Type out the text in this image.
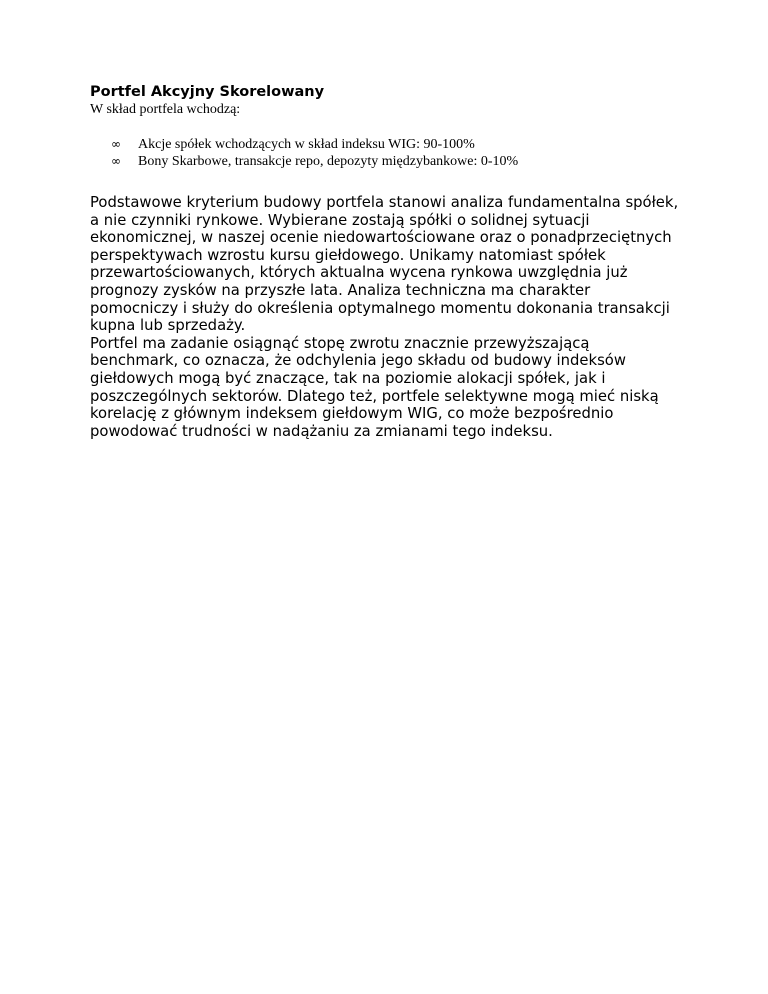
Portfel Akcyjny Skorelowany

W skład portfela wchodzą:

∞ Akcje spółek wchodzących w skład indeksu WIG: 90-100%
∞ Bony Skarbowe, transakcje repo, depozyty międzybankowe: 0-10%

Podstawowe kryterium budowy portfela stanowi analiza fundamentalna spółek, a nie czynniki rynkowe. Wybierane zostają spółki o solidnej sytuacji ekonomicznej, w naszej ocenie niedowartościowane oraz o ponadprzeciętnych perspektywach wzrostu kursu giełdowego. Unikamy natomiast spółek przewartościowanych, których aktualna wycena rynkowa uwzględnia już prognozy zysków na przyszłe lata. Analiza techniczna ma charakter pomocniczy i służy do określenia optymalnego momentu dokonania transakcji kupna lub sprzedaży.

Portfel ma zadanie osiągnąć stopę zwrotu znacznie przewyższającą benchmark, co oznacza, że odchylenia jego składu od budowy indeksów giełdowych mogą być znaczące, tak na poziomie alokacji spółek, jak i poszczególnych sektorów. Dlatego też, portfele selektywne mogą mieć niską korelację z głównym indeksem giełdowym WIG, co może bezpośrednio powodować trudności w nadążaniu za zmianami tego indeksu.
